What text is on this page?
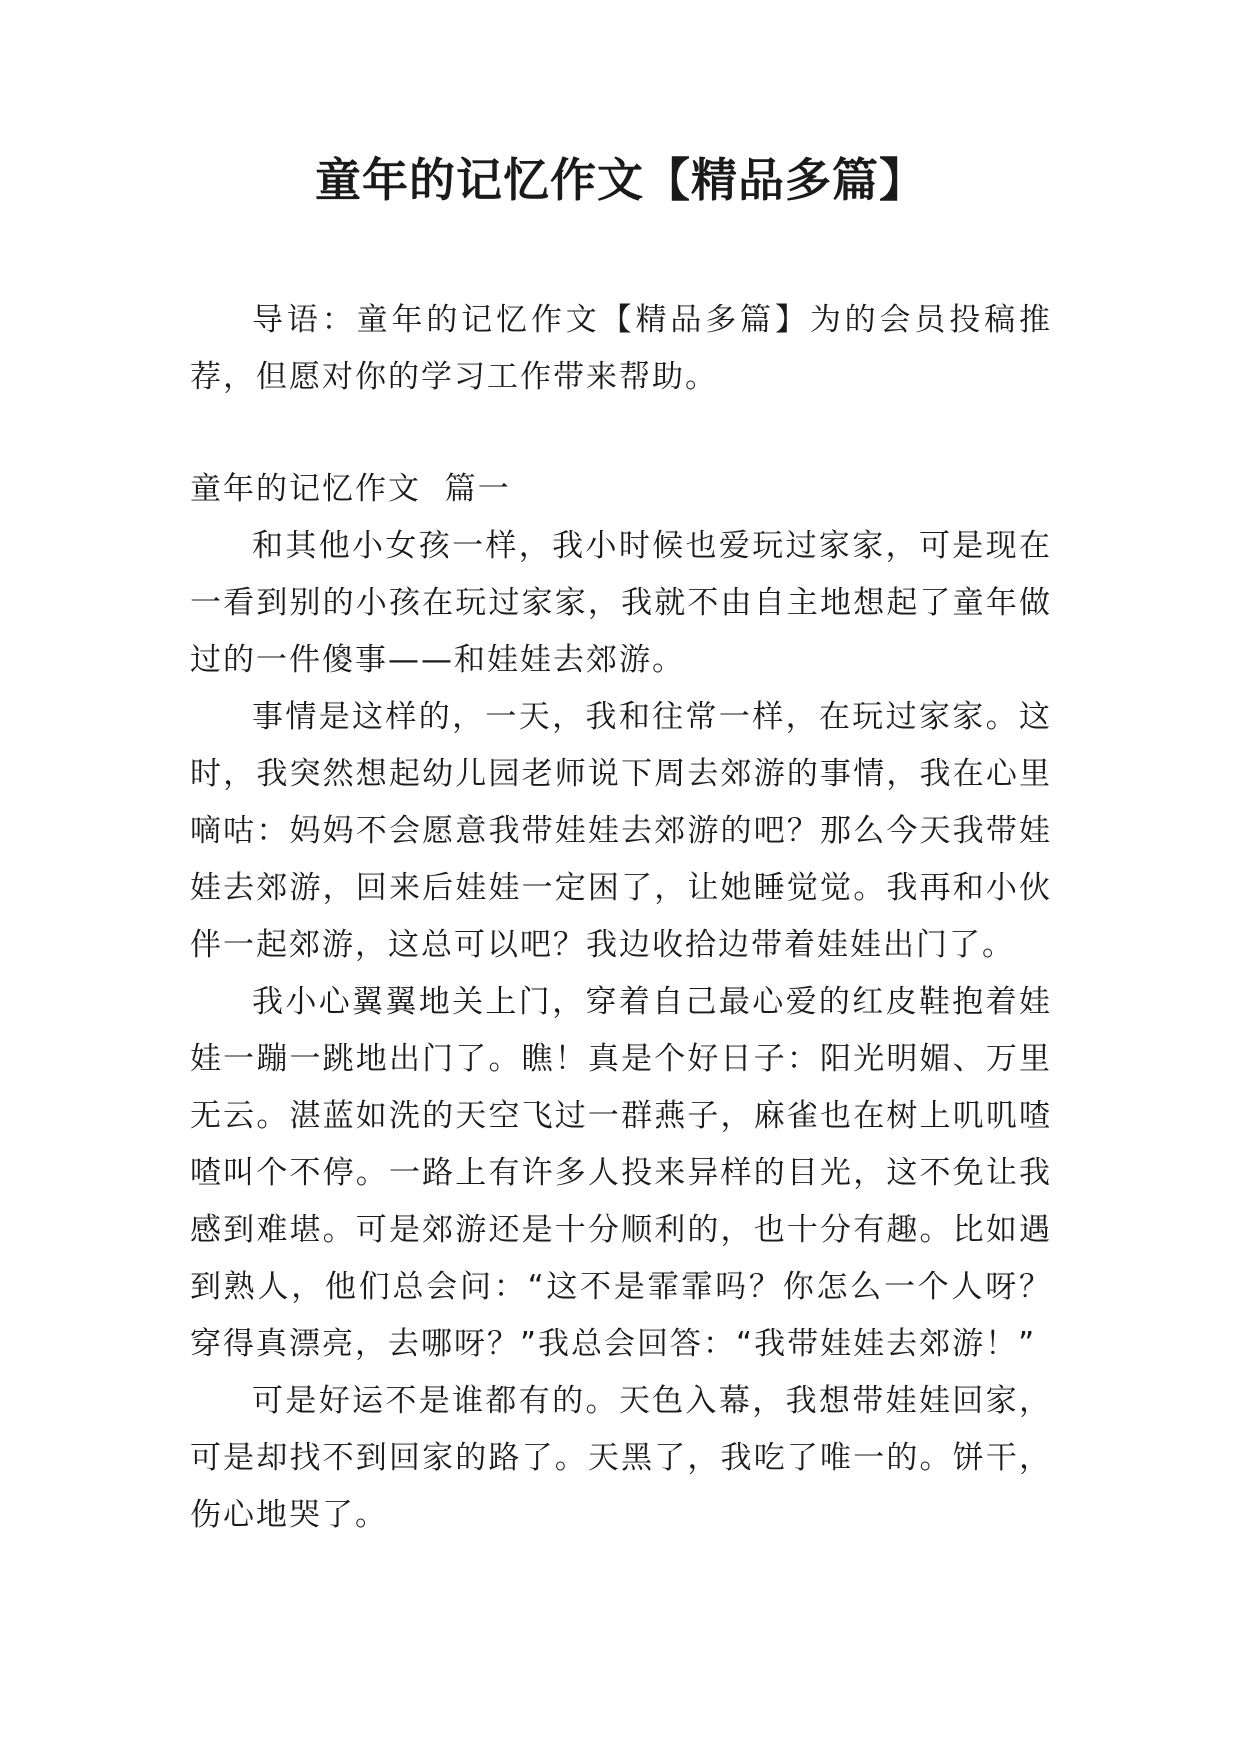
童年的记忆作文【精品多篇】

导语：童年的记忆作文【精品多篇】为的会员投稿推荐，但愿对你的学习工作带来帮助。

童年的记忆作文  篇一

和其他小女孩一样，我小时候也爱玩过家家，可是现在一看到别的小孩在玩过家家，我就不由自主地想起了童年做过的一件傻事——和娃娃去郊游。

事情是这样的，一天，我和往常一样，在玩过家家。这时，我突然想起幼儿园老师说下周去郊游的事情，我在心里嘀咕：妈妈不会愿意我带娃娃去郊游的吧？那么今天我带娃娃去郊游，回来后娃娃一定困了，让她睡觉觉。我再和小伙伴一起郊游，这总可以吧？我边收拾边带着娃娃出门了。

我小心翼翼地关上门，穿着自己最心爱的红皮鞋抱着娃娃一蹦一跳地出门了。瞧！真是个好日子：阳光明媚、万里无云。湛蓝如洗的天空飞过一群燕子，麻雀也在树上叽叽喳喳叫个不停。一路上有许多人投来异样的目光，这不免让我感到难堪。可是郊游还是十分顺利的，也十分有趣。比如遇到熟人，他们总会问：“这不是霏霏吗？你怎么一个人呀？穿得真漂亮，去哪呀？”我总会回答：“我带娃娃去郊游！”

可是好运不是谁都有的。天色入幕，我想带娃娃回家，可是却找不到回家的路了。天黑了，我吃了唯一的。饼干，伤心地哭了。
